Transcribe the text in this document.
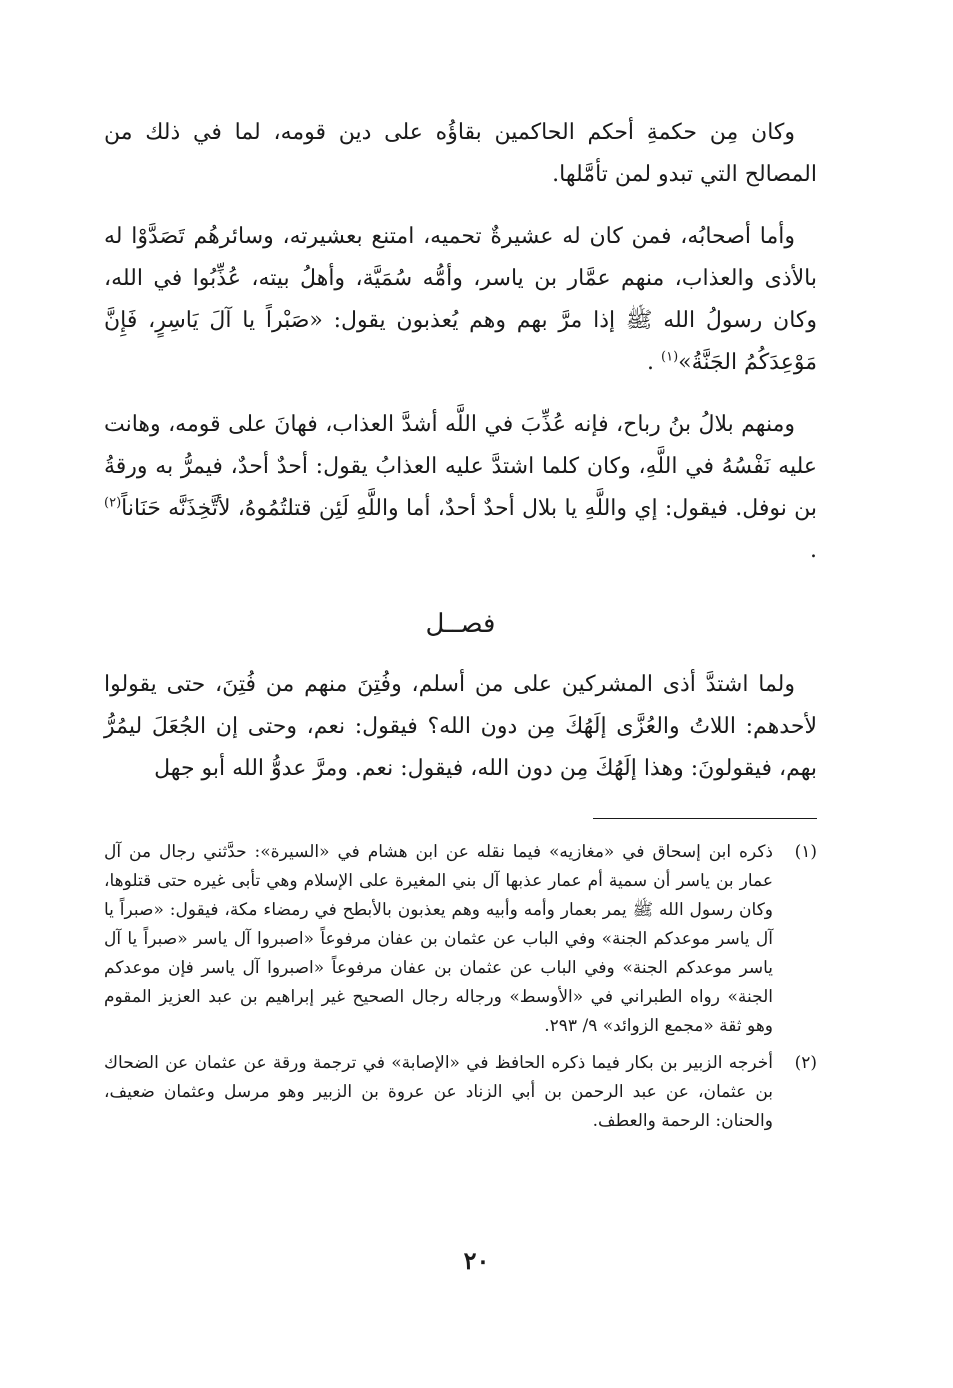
وكان مِن حكمةِ أحكم الحاكمين بقاؤُه على دين قومه، لما في ذلك من المصالح التي تبدو لمن تأمَّلها.

وأما أصحابُه، فمن كان له عشيرةٌ تحميه، امتنع بعشيرته، وسائرهُم تَصَدَّوْا له بالأذى والعذاب، منهم عمَّار بن ياسر، وأمُّه سُمَيَّة، وأهلُ بيته، عُذِّبُوا في الله، وكان رسولُ الله ﷺ إذا مرَّ بهم وهم يُعذبون يقول: «صَبْراً يا آلَ يَاسِرٍ، فَإِنَّ مَوْعِدَكُمُ الجَنَّةُ»$^{(١)}$ .

ومنهم بلالُ بنُ رباح، فإنه عُذِّبَ في اللَّه أشدَّ العذاب، فهانَ على قومه، وهانت عليه نَفْسُهُ في اللَّهِ، وكان كلما اشتدَّ عليه العذابُ يقول: أحدٌ أحدٌ، فيمرُّ به ورقةُ بن نوفل. فيقول: إي واللَّهِ يا بلال أحدٌ أحدٌ، أما واللَّهِ لَئِن قتلتُمُوهُ، لأتَّخِذَنَّه حَنَاناً$^{(٢)}$ .

فصــل

ولما اشتدَّ أذى المشركين على من أسلم، وفُتِنَ منهم من فُتِنَ، حتى يقولوا لأحدهم: اللاتُ والعُزَّى إلَهُكَ مِن دون الله؟ فيقول: نعم، وحتى إن الجُعَلَ ليمُرُّ بهم، فيقولونَ: وهذا إلَهُكَ مِن دون الله، فيقول: نعم. ومرَّ عدوُّ الله أبو جهل

(١)
ذكره ابن إسحاق في «مغازيه» فيما نقله عن ابن هشام في «السيرة»: حدَّثني رجال من آل عمار بن ياسر أن سمية أم عمار عذبها آل بني المغيرة على الإسلام وهي تأبى غيره حتى قتلوها، وكان رسول الله ﷺ يمر بعمار وأمه وأبيه وهم يعذبون بالأبطح في رمضاء مكة، فيقول: «صبراً يا آل ياسر موعدكم الجنة» وفي الباب عن عثمان بن عفان مرفوعاً «اصبروا آل ياسر «صبراً يا آل ياسر موعدكم الجنة» وفي الباب عن عثمان بن عفان مرفوعاً «اصبروا آل ياسر فإن موعدكم الجنة» رواه الطبراني في «الأوسط» ورجاله رجال الصحيح غير إبراهيم بن عبد العزيز المقوم وهو ثقة «مجمع الزوائد» ٩/ ٢٩٣.
(٢)
أخرجه الزبير بن بكار فيما ذكره الحافظ في «الإصابة» في ترجمة ورقة عن عثمان عن الضحاك بن عثمان، عن عبد الرحمن بن أبي الزناد عن عروة بن الزبير وهو مرسل وعثمان ضعيف، والحنان: الرحمة والعطف.
٢٠
